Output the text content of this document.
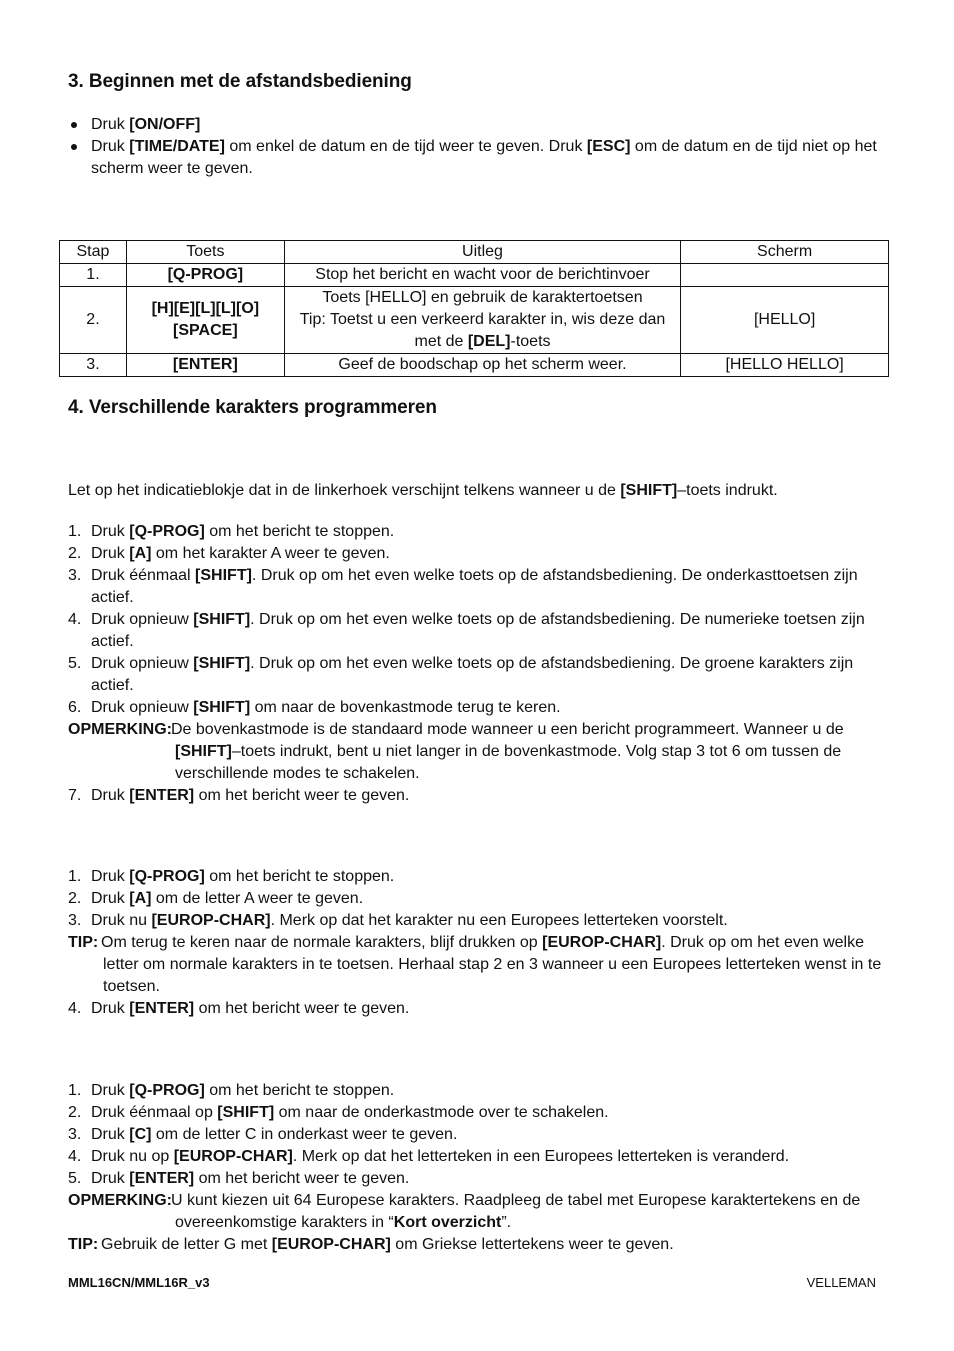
3. Beginnen met de afstandsbediening
Druk [ON/OFF]
Druk [TIME/DATE] om enkel de datum en de tijd weer te geven. Druk [ESC] om de datum en de tijd niet op het scherm weer te geven.
Stap	Toets	Uitleg	Scherm
1.	[Q-PROG]	Stop het bericht en wacht voor de berichtinvoer	
2.	[H][E][L][L][O]
[SPACE]	Toets [HELLO] en gebruik de karaktertoetsen
Tip: Toetst u een verkeerd karakter in, wis deze dan
met de [DEL]-toets	[HELLO]
3.	[ENTER]	Geef de boodschap op het scherm weer.	[HELLO HELLO]
4. Verschillende karakters programmeren
Let op het indicatieblokje dat in de linkerhoek verschijnt telkens wanneer u de [SHIFT]–toets indrukt.
1. Druk [Q-PROG] om het bericht te stoppen.
2. Druk [A] om het karakter A weer te geven.
3. Druk éénmaal [SHIFT]. Druk op om het even welke toets op de afstandsbediening. De onderkasttoetsen zijn actief.
4. Druk opnieuw [SHIFT]. Druk op om het even welke toets op de afstandsbediening. De numerieke toetsen zijn actief.
5. Druk opnieuw [SHIFT]. Druk op om het even welke toets op de afstandsbediening. De groene karakters zijn actief.
6. Druk opnieuw [SHIFT] om naar de bovenkastmode terug te keren.
OPMERKING: De bovenkastmode is de standaard mode wanneer u een bericht programmeert. Wanneer u de [SHIFT]–toets indrukt, bent u niet langer in de bovenkastmode. Volg stap 3 tot 6 om tussen de verschillende modes te schakelen.
7. Druk [ENTER] om het bericht weer te geven.
1. Druk [Q-PROG] om het bericht te stoppen.
2. Druk [A] om de letter A weer te geven.
3. Druk nu [EUROP-CHAR]. Merk op dat het karakter nu een Europees letterteken voorstelt.
TIP: Om terug te keren naar de normale karakters, blijf drukken op [EUROP-CHAR]. Druk op om het even welke letter om normale karakters in te toetsen. Herhaal stap 2 en 3 wanneer u een Europees letterteken wenst in te toetsen.
4. Druk [ENTER] om het bericht weer te geven.
1. Druk [Q-PROG] om het bericht te stoppen.
2. Druk éénmaal op [SHIFT] om naar de onderkastmode over te schakelen.
3. Druk [C] om de letter C in onderkast weer te geven.
4. Druk nu op [EUROP-CHAR]. Merk op dat het letterteken in een Europees letterteken is veranderd.
5. Druk [ENTER] om het bericht weer te geven.
OPMERKING: U kunt kiezen uit 64 Europese karakters. Raadpleeg de tabel met Europese karaktertekens en de overeenkomstige karakters in “Kort overzicht”.
TIP: Gebruik de letter G met [EUROP-CHAR] om Griekse lettertekens weer te geven.
MML16CN/MML16R_v3	VELLEMAN
